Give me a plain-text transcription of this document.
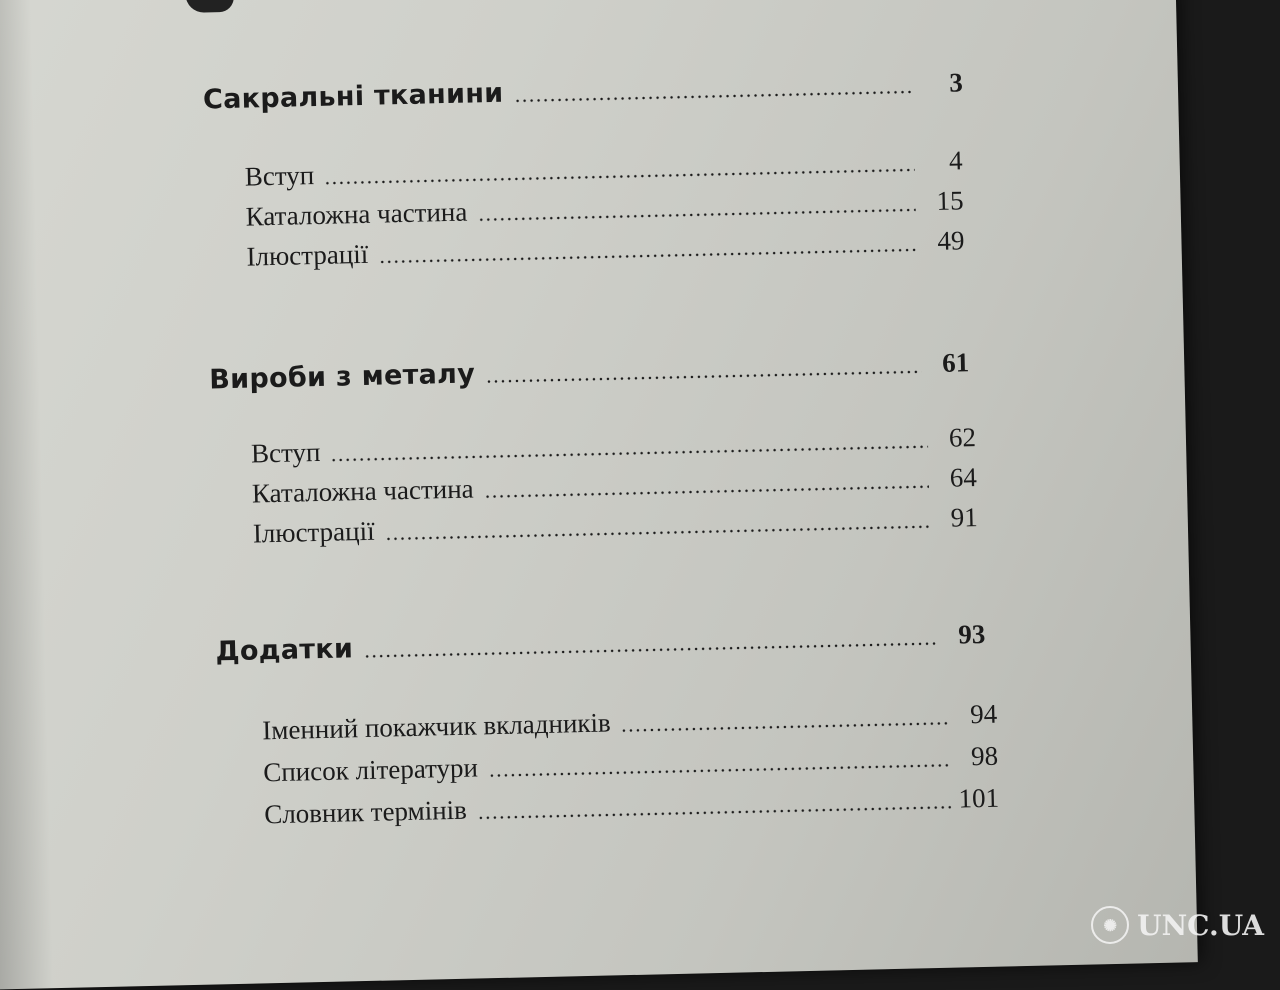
Сакральні тканини	3
Вступ	4
Каталожна частина	15
Ілюстрації	49
Вироби з металу	61
Вступ	62
Каталожна частина	64
Ілюстрації	91
Додатки	93
Іменний покажчик вкладників	94
Список літератури	98
Словник термінів	101
✺ UNC.UA
